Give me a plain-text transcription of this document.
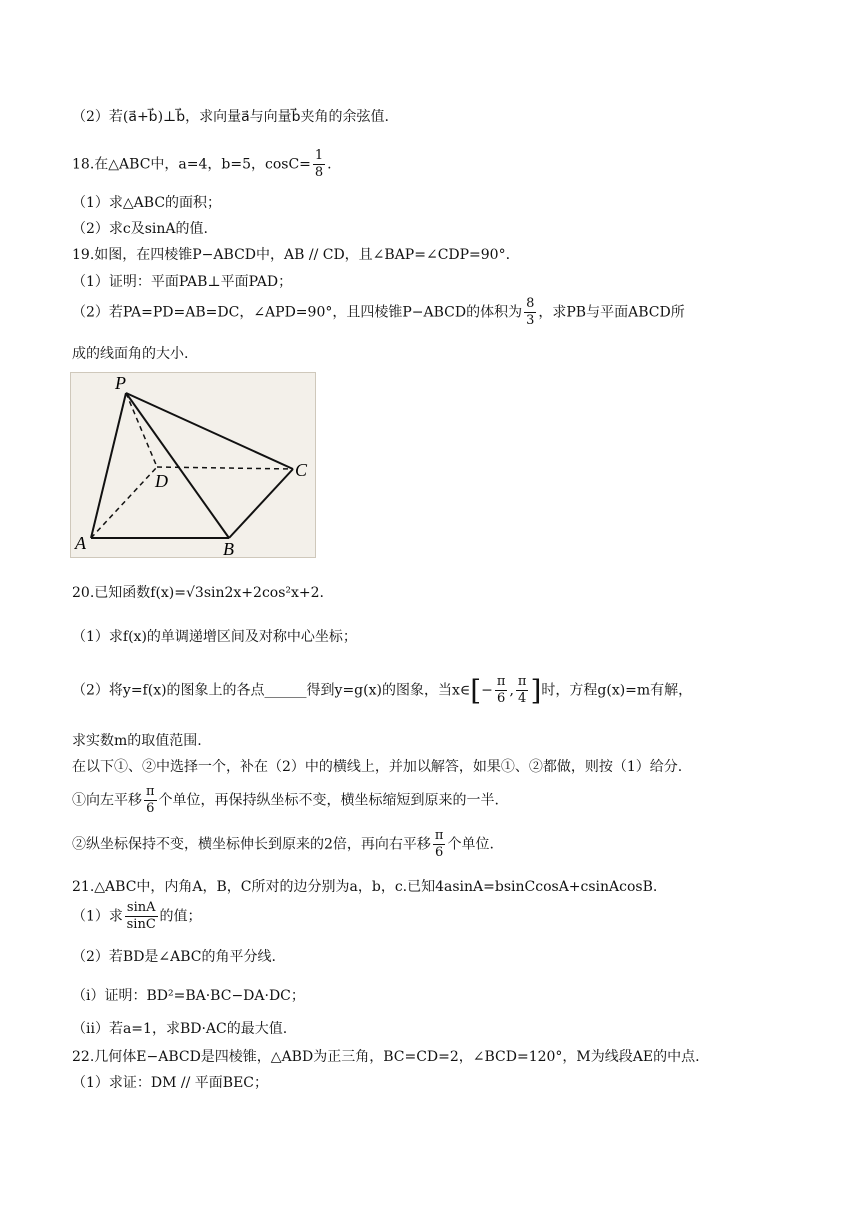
（2）若(a⃗+b⃗)⊥b⃗，求向量a⃗与向量b⃗夹角的余弦值.
18.在△ABC中，a=4，b=5，$\cos C= \frac{1}{8}$ .
（1）求△ABC的面积；
（2）求c及sinA的值.
19.如图，在四棱锥P−ABCD中，AB // CD，且∠BAP=∠CDP=90°.
（1）证明：平面PAB⊥平面PAD；
（2）若PA=PD=AB=DC，∠APD=90°，且四棱锥P−ABCD的体积为 $\frac{8}{3}$ ，求PB与平面ABCD所
成的线面角的大小.
P
D
C
A	B
20.已知函数f(x)=√3sin2x+2cos²x+2.
（1）求f(x)的单调递增区间及对称中心坐标；
（2）将y=f(x)的图象上的各点______得到y=g(x)的图象，当x∈[− $\frac{\pi}{6}$ , $\frac{\pi}{4}$ ]时，方程g(x)=m有解，
求实数m的取值范围.
在以下①、②中选择一个，补在（2）中的横线上，并加以解答，如果①、②都做，则按（1）给分.
①向左平移 $\frac{\pi}{6}$ 个单位，再保持纵坐标不变，横坐标缩短到原来的一半.
②纵坐标保持不变，横坐标伸长到原来的2倍，再向右平移 $\frac{\pi}{6}$ 个单位.
21.△ABC中，内角A，B，C所对的边分别为a，b，c.已知4asinA=bsinCcosA+csinAcosB.
（1）求 $\frac{\sin A}{\sin C}$ 的值；
（2）若BD是∠ABC的角平分线.
（i）证明：BD²=BA·BC−DA·DC；
（ii）若a=1，求BD·AC的最大值.
22.几何体E−ABCD是四棱锥，△ABD为正三角，BC=CD=2，∠BCD=120°，M为线段AE的中点.
（1）求证：DM // 平面BEC；
